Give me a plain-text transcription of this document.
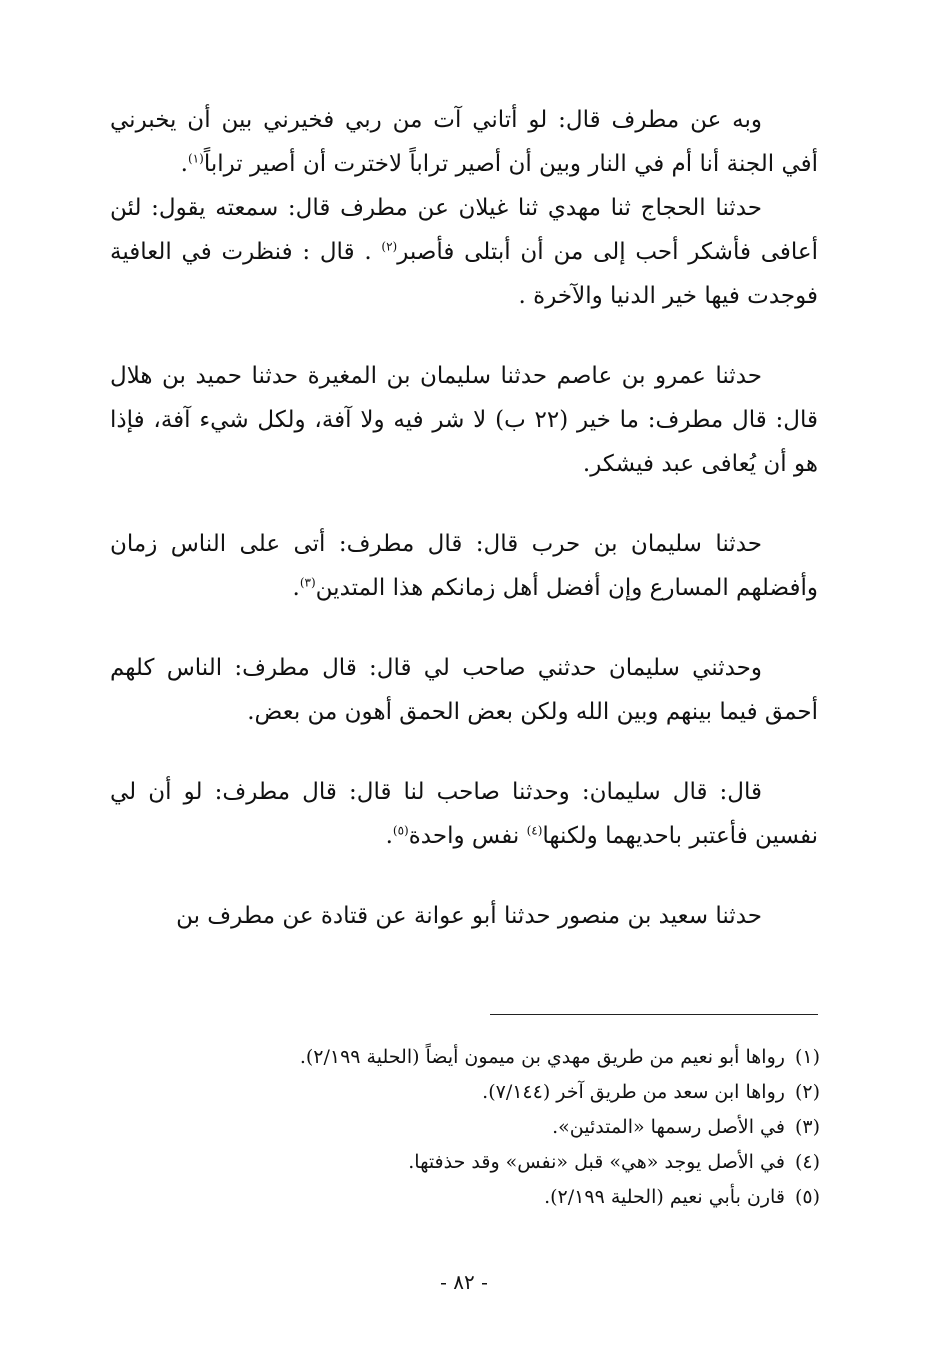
وبه عن مطرف قال: لو أتاني آت من ربي فخيرني بين أن يخبرني أفي الجنة أنا أم في النار وبين أن أصير تراباً لاخترت أن أصير تراباً$^{(١)}$.

حدثنا الحجاج ثنا مهدي ثنا غيلان عن مطرف قال: سمعته يقول: لئن أعافى فأشكر أحب إلى من أن أبتلى فأصبر$^{(٢)}$ . قال : فنظرت في العافية فوجدت فيها خير الدنيا والآخرة .

حدثنا عمرو بن عاصم حدثنا سليمان بن المغيرة حدثنا حميد بن هلال قال: قال مطرف: ما خير (٢٢ ب) لا شر فيه ولا آفة، ولكل شيء آفة، فإذا هو أن يُعافى عبد فيشكر.

حدثنا سليمان بن حرب قال: قال مطرف: أتى على الناس زمان وأفضلهم المسارع وإن أفضل أهل زمانكم هذا المتدين$^{(٣)}$.

وحدثني سليمان حدثني صاحب لي قال: قال مطرف: الناس كلهم أحمق فيما بينهم وبين الله ولكن بعض الحمق أهون من بعض.

قال: قال سليمان: وحدثنا صاحب لنا قال: قال مطرف: لو أن لي نفسين فأعتبر باحديهما ولكنها$^{(٤)}$ نفس واحدة$^{(٥)}$.

حدثنا سعيد بن منصور حدثنا أبو عوانة عن قتادة عن مطرف بن

(١)رواها أبو نعيم من طريق مهدي بن ميمون أيضاً (الحلية ٢/١٩٩).

(٢)رواها ابن سعد من طريق آخر (٧/١٤٤).

(٣)في الأصل رسمها «المتدئين».

(٤)في الأصل يوجد «هي» قبل «نفس» وقد حذفتها.

(٥)قارن بأبي نعيم (الحلية ٢/١٩٩).

- ٨٢ -
